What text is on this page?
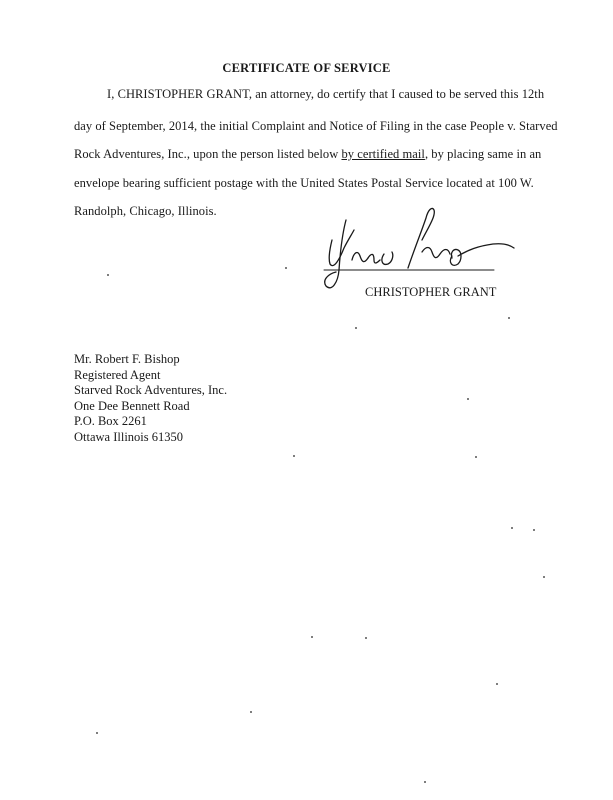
CERTIFICATE OF SERVICE
I, CHRISTOPHER GRANT, an attorney, do certify that I caused to be served this 12th
day of September, 2014, the initial Complaint and Notice of Filing in the case People v. Starved
Rock Adventures, Inc., upon the person listed below by certified mail, by placing same in an
envelope bearing sufficient postage with the United States Postal Service located at 100 W.
Randolph, Chicago, Illinois.
CHRISTOPHER GRANT
Mr. Robert F. Bishop
Registered Agent
Starved Rock Adventures, Inc.
One Dee Bennett Road
P.O. Box 2261
Ottawa Illinois 61350
